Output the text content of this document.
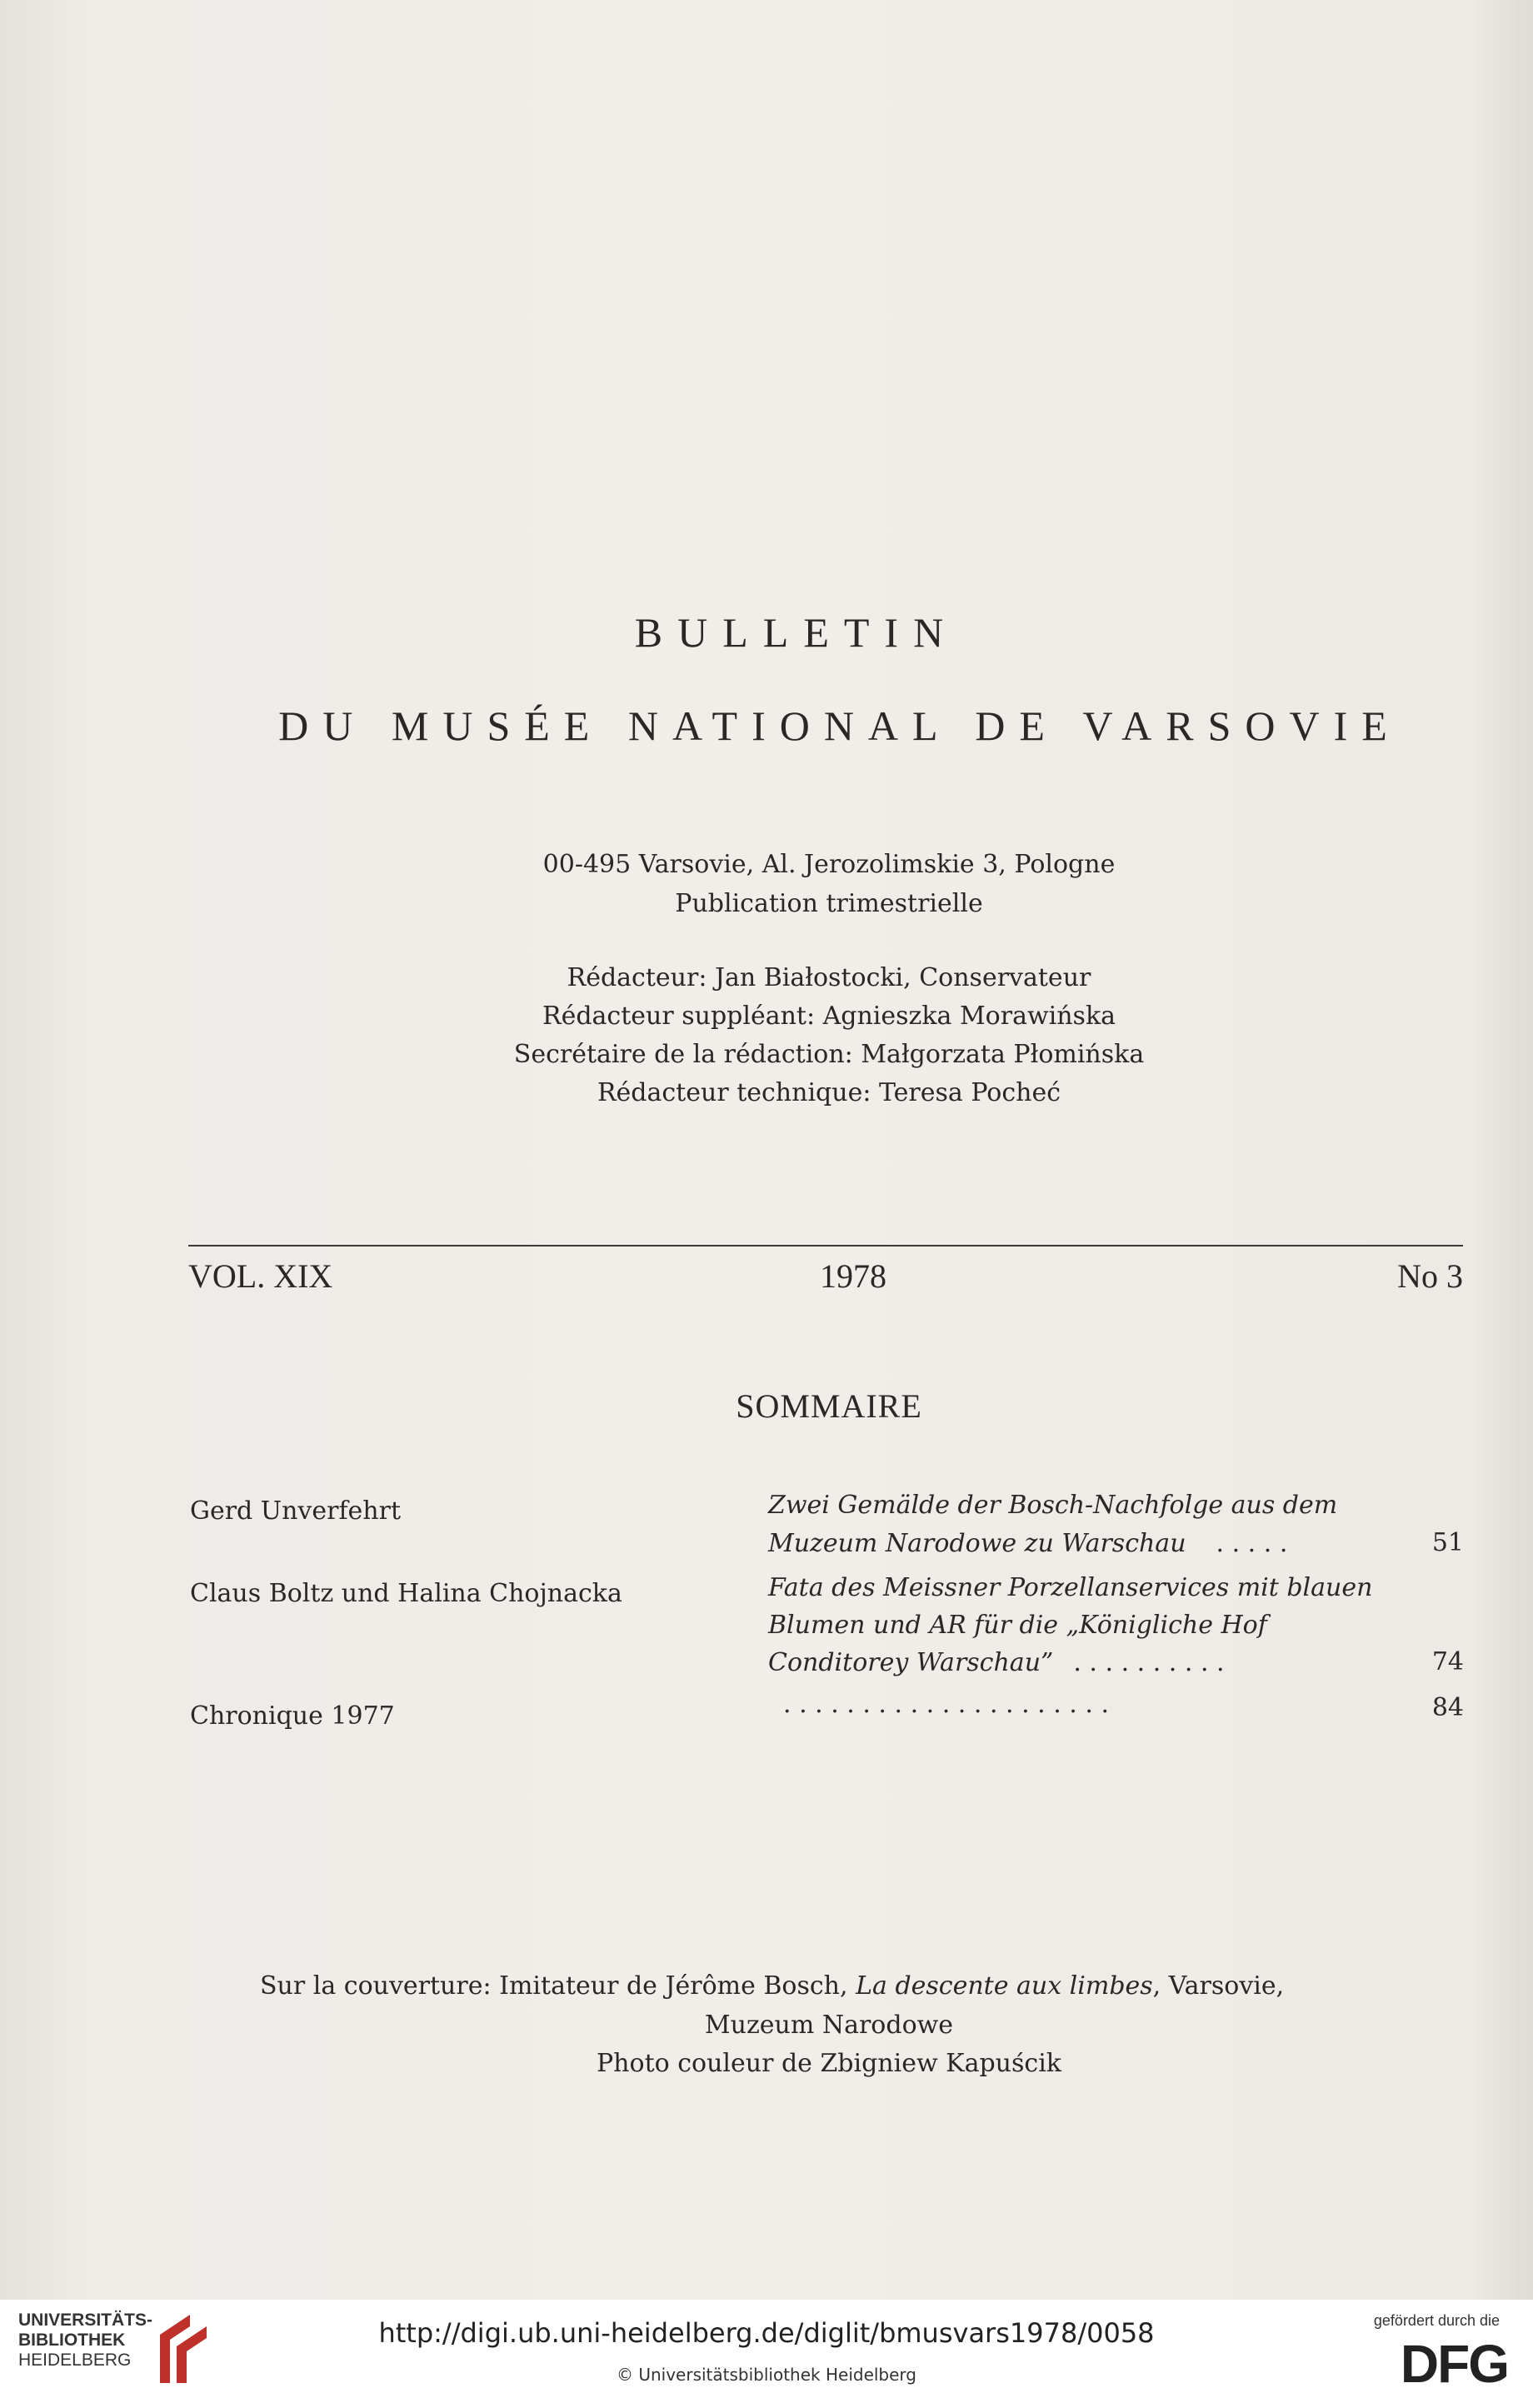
BULLETIN
DU MUSÉE NATIONAL DE VARSOVIE
00-495 Varsovie, Al. Jerozolimskie 3, Pologne
Publication trimestrielle
Rédacteur: Jan Białostocki, Conservateur
Rédacteur suppléant: Agnieszka Morawińska
Secrétaire de la rédaction: Małgorzata Płomińska
Rédacteur technique: Teresa Pocheć
VOL. XIX	1978	No 3
SOMMAIRE
Gerd Unverfehrt	Zwei Gemälde der Bosch-Nachfolge aus dem
Muzeum Narodowe zu Warschau . . . . .	51
Claus Boltz und Halina Chojnacka	Fata des Meissner Porzellanservices mit blauen
Blumen und AR für die „Königliche Hof
Conditorey Warschau” . . . . . . . . . .	74
Chronique 1977	. . . . . . . . . . . . . . . . . . . . .	84
Sur la couverture: Imitateur de Jérôme Bosch, La descente aux limbes, Varsovie,
Muzeum Narodowe
Photo couleur de Zbigniew Kapuścik
UNIVERSITÄTS-
BIBLIOTHEK
HEIDELBERG
http://digi.ub.uni-heidelberg.de/diglit/bmusvars1978/0058
© Universitätsbibliothek Heidelberg
gefördert durch die
DFG
